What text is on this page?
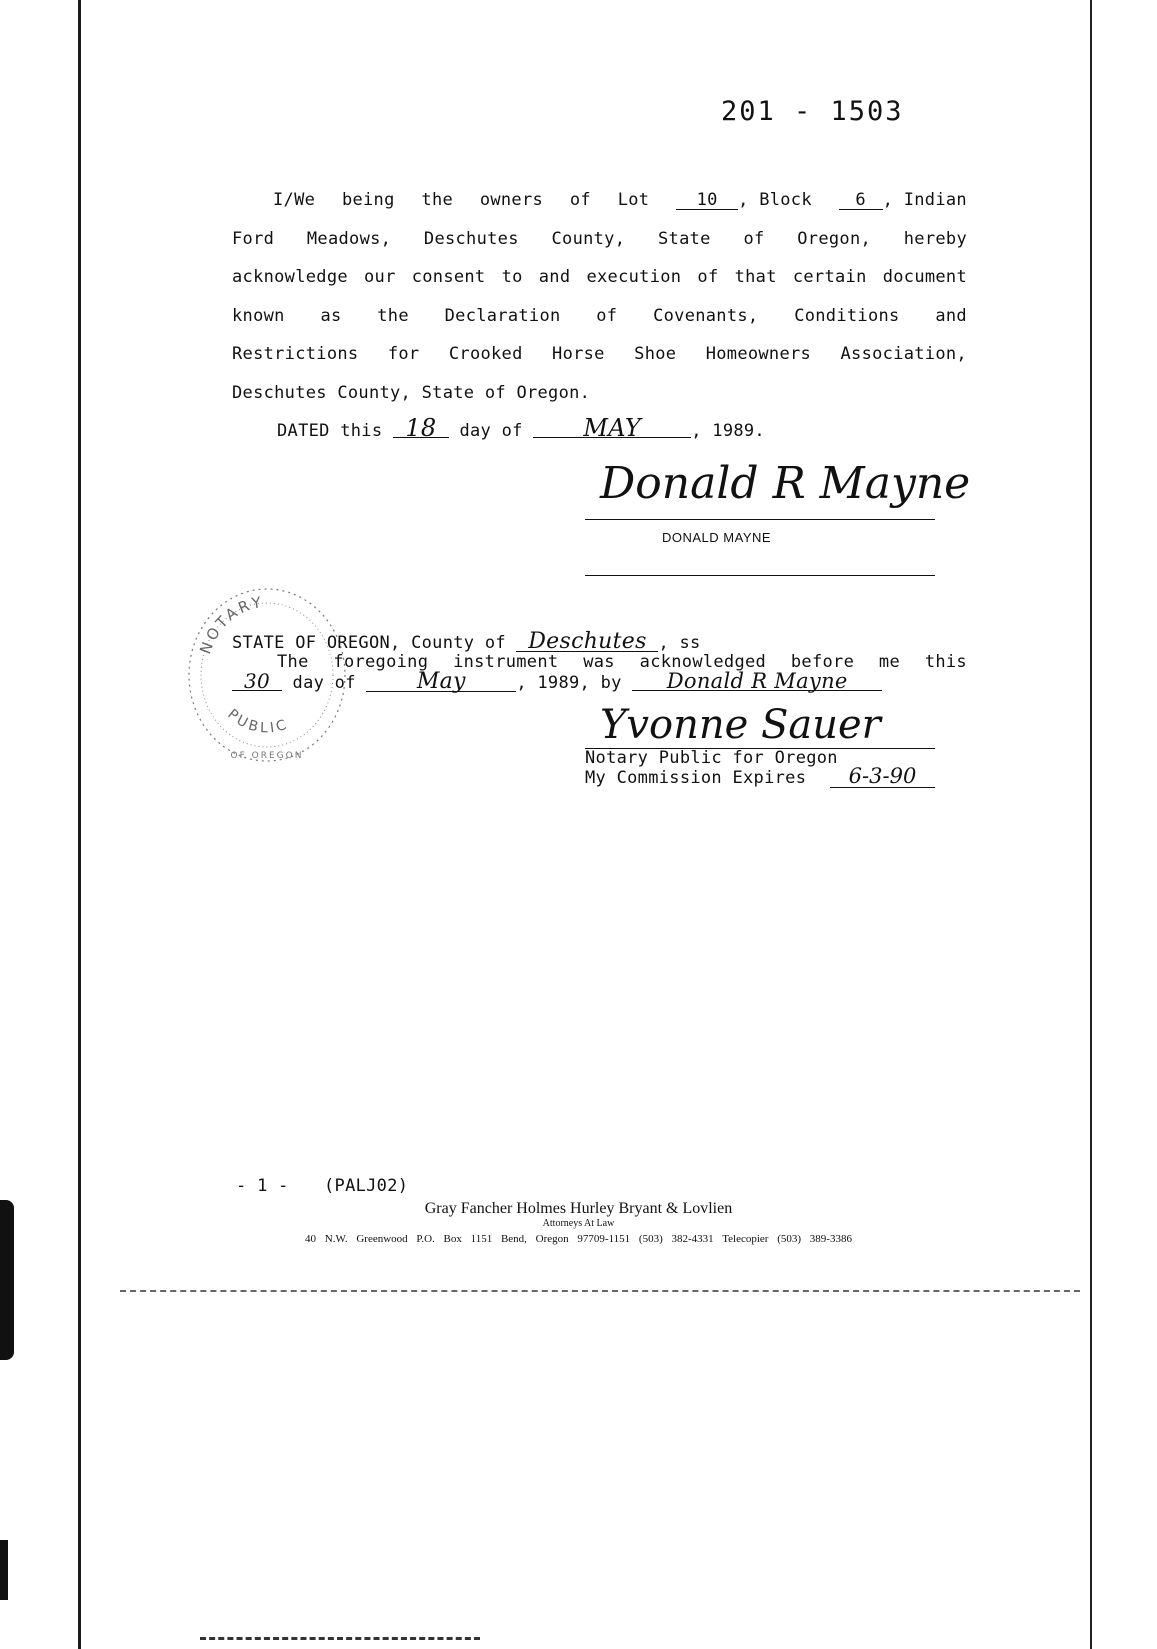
201 - 1503
I/We being the owners of Lot	10 , Block	6 , Indian
Ford Meadows, Deschutes County, State of Oregon, hereby
acknowledge our consent to and execution of that certain document
known as the Declaration of Covenants, Conditions and
Restrictions for Crooked Horse Shoe Homeowners Association,
Deschutes County, State of Oregon.
DATED this 18 day of	MAY	, 1989.
Donald R Mayne
DONALD MAYNE
NOTARY
PUBLIC
OF OREGON
STATE OF OREGON, County of Deschutes , ss
The foregoing instrument was acknowledged before me this
30 day of	May	, 1989, by Donald R Mayne
Yvonne Sauer
Notary Public for Oregon
My Commission Expires	6-3-90
- 1 - (PALJ02)
Gray Fancher Holmes Hurley Bryant & Lovlien
Attorneys At Law
40 N.W. Greenwood P.O. Box 1151 Bend, Oregon 97709-1151 (503) 382-4331 Telecopier (503) 389-3386
